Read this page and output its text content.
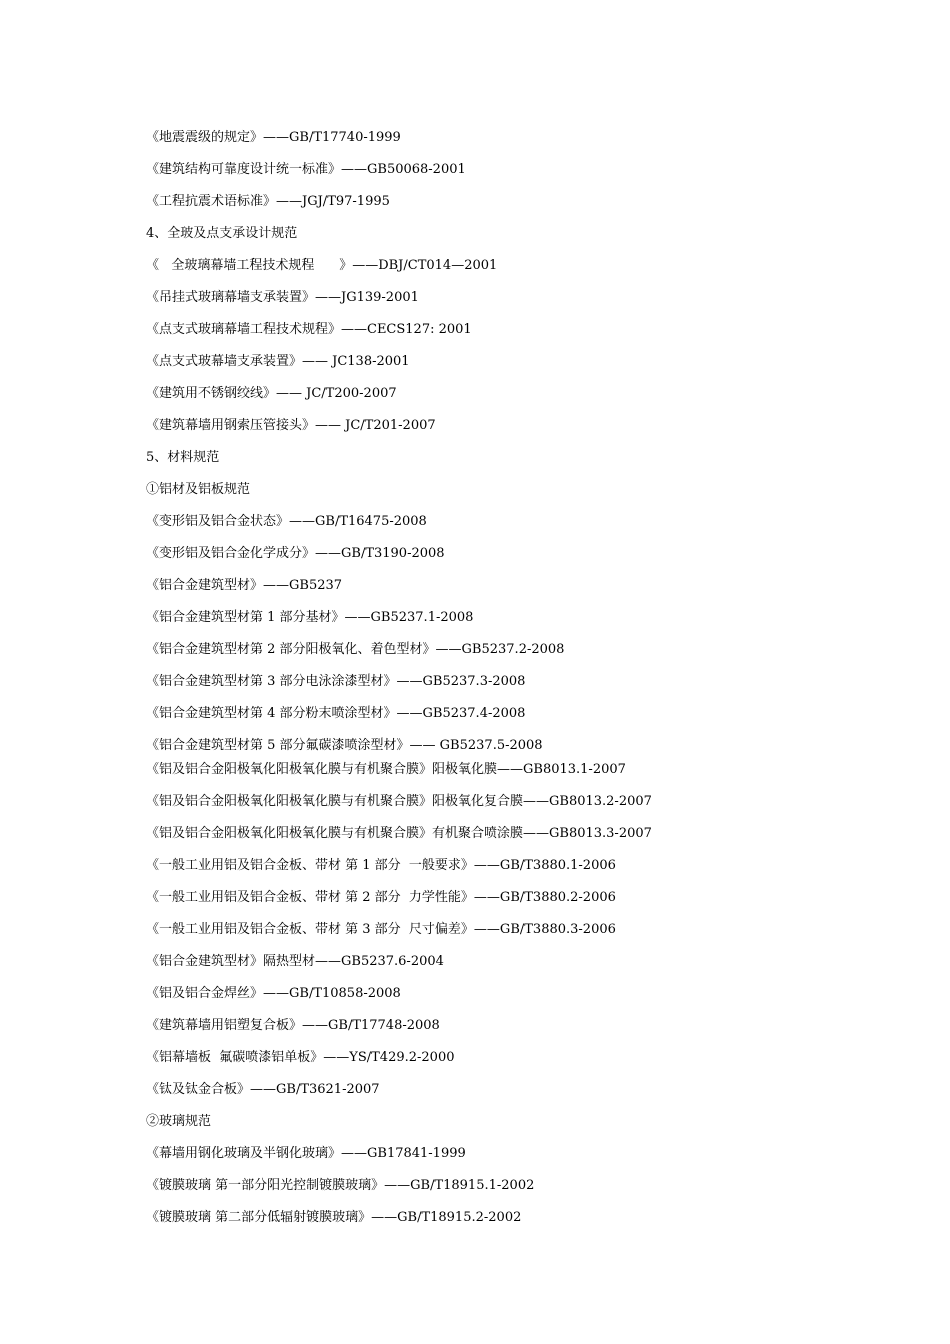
《地震震级的规定》——GB/T17740-1999
《建筑结构可靠度设计统一标准》——GB50068-2001
《工程抗震术语标准》——JGJ/T97-1995
4、全玻及点支承设计规范
《   全玻璃幕墙工程技术规程      》——DBJ/CT014—2001
《吊挂式玻璃幕墙支承装置》——JG139-2001
《点支式玻璃幕墙工程技术规程》——CECS127: 2001
《点支式玻幕墙支承装置》—— JC138-2001
《建筑用不锈钢绞线》—— JC/T200-2007
《建筑幕墙用钢索压管接头》—— JC/T201-2007
5、材料规范
①铝材及铝板规范
《变形铝及铝合金状态》——GB/T16475-2008
《变形铝及铝合金化学成分》——GB/T3190-2008
《铝合金建筑型材》——GB5237
《铝合金建筑型材第 1 部分基材》——GB5237.1-2008
《铝合金建筑型材第 2 部分阳极氧化、着色型材》——GB5237.2-2008
《铝合金建筑型材第 3 部分电泳涂漆型材》——GB5237.3-2008
《铝合金建筑型材第 4 部分粉末喷涂型材》——GB5237.4-2008
《铝合金建筑型材第 5 部分氟碳漆喷涂型材》—— GB5237.5-2008
《铝及铝合金阳极氧化阳极氧化膜与有机聚合膜》阳极氧化膜——GB8013.1-2007
《铝及铝合金阳极氧化阳极氧化膜与有机聚合膜》阳极氧化复合膜——GB8013.2-2007
《铝及铝合金阳极氧化阳极氧化膜与有机聚合膜》有机聚合喷涂膜——GB8013.3-2007
《一般工业用铝及铝合金板、带材 第 1 部分  一般要求》——GB/T3880.1-2006
《一般工业用铝及铝合金板、带材 第 2 部分  力学性能》——GB/T3880.2-2006
《一般工业用铝及铝合金板、带材 第 3 部分  尺寸偏差》——GB/T3880.3-2006
《铝合金建筑型材》隔热型材——GB5237.6-2004
《铝及铝合金焊丝》——GB/T10858-2008
《建筑幕墙用铝塑复合板》——GB/T17748-2008
《铝幕墙板  氟碳喷漆铝单板》——YS/T429.2-2000
《钛及钛金合板》——GB/T3621-2007
②玻璃规范
《幕墙用钢化玻璃及半钢化玻璃》——GB17841-1999
《镀膜玻璃 第一部分阳光控制镀膜玻璃》——GB/T18915.1-2002
《镀膜玻璃 第二部分低辐射镀膜玻璃》——GB/T18915.2-2002
